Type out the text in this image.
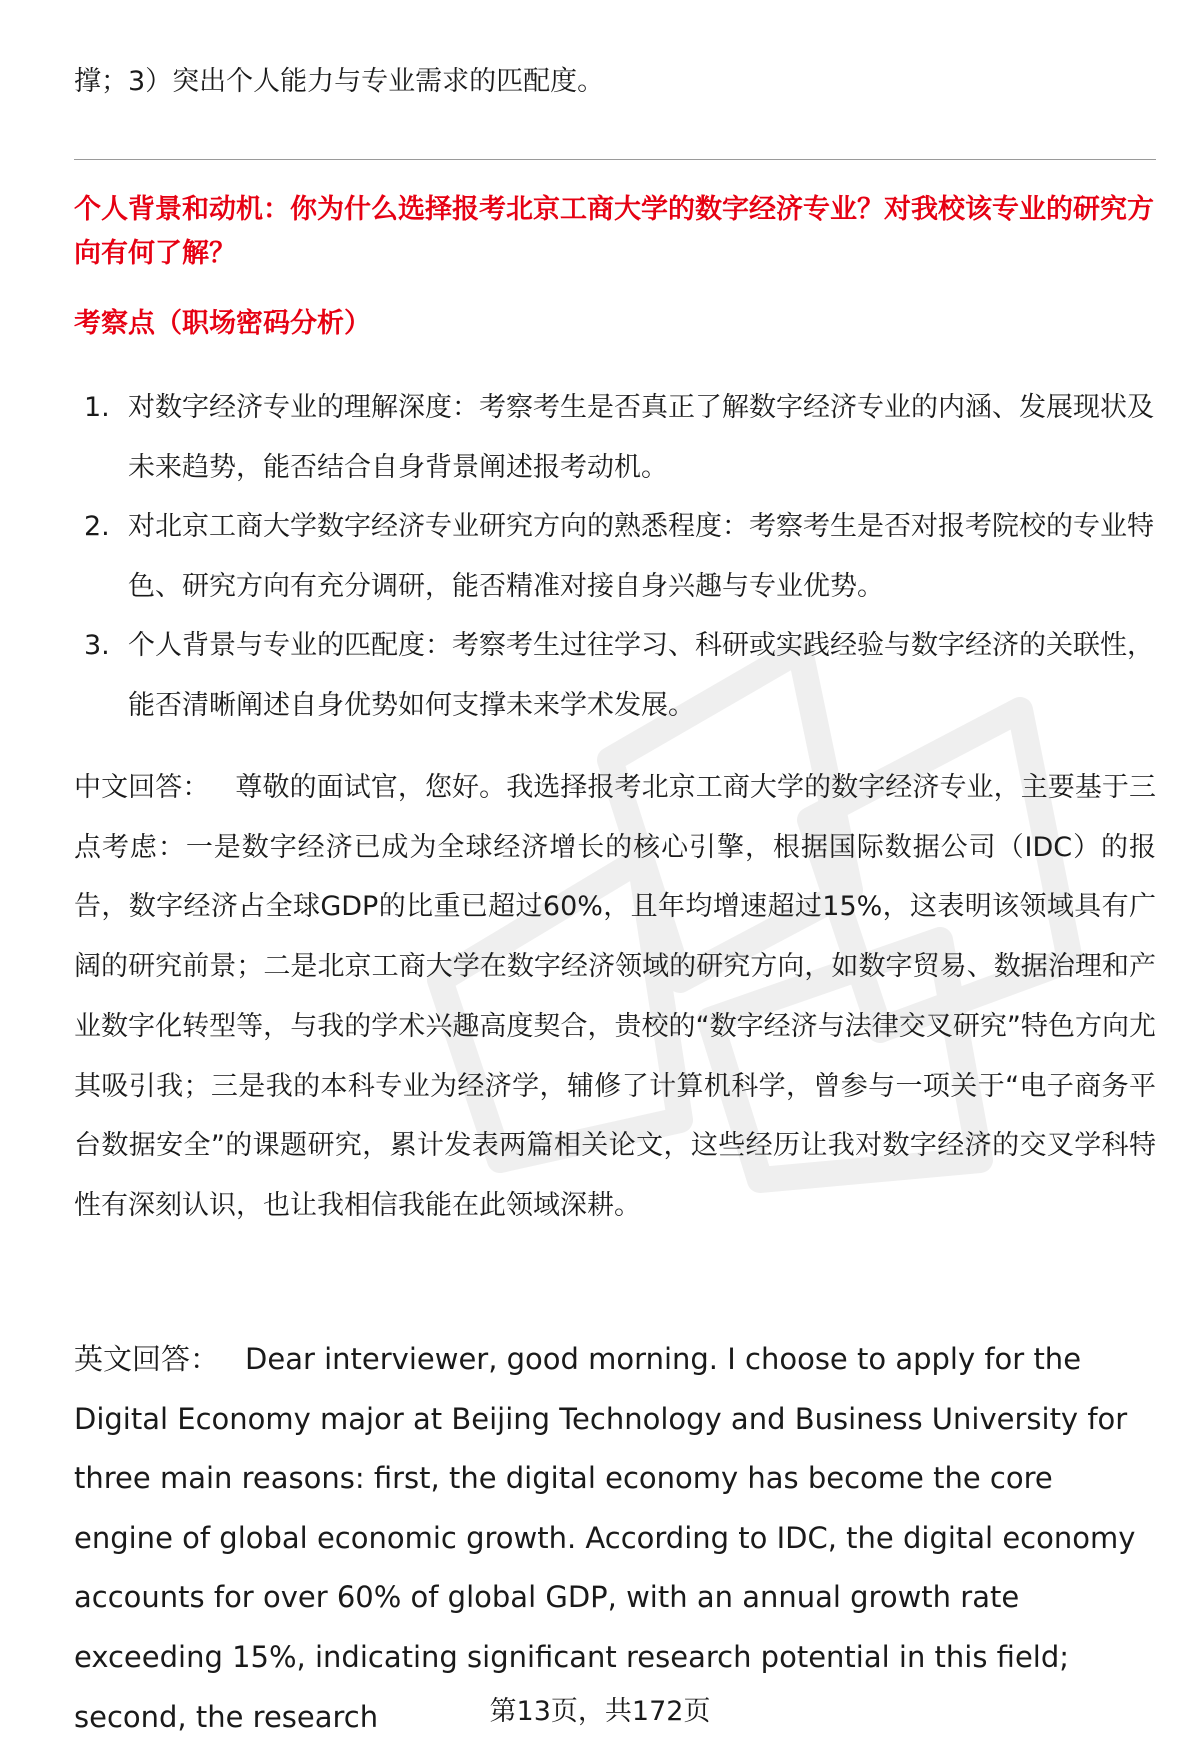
撑；3）突出个人能力与专业需求的匹配度。
个人背景和动机：你为什么选择报考北京工商大学的数字经济专业？对我校该专业的研究方向有何了解？
考察点（职场密码分析）
1. 对数字经济专业的理解深度：考察考生是否真正了解数字经济专业的内涵、发展现状及未来趋势，能否结合自身背景阐述报考动机。
2. 对北京工商大学数字经济专业研究方向的熟悉程度：考察考生是否对报考院校的专业特色、研究方向有充分调研，能否精准对接自身兴趣与专业优势。
3. 个人背景与专业的匹配度：考察考生过往学习、科研或实践经验与数字经济的关联性，能否清晰阐述自身优势如何支撑未来学术发展。
中文回答： 尊敬的面试官，您好。我选择报考北京工商大学的数字经济专业，主要基于三点考虑：一是数字经济已成为全球经济增长的核心引擎，根据国际数据公司（IDC）的报告，数字经济占全球GDP的比重已超过60%，且年均增速超过15%，这表明该领域具有广阔的研究前景；二是北京工商大学在数字经济领域的研究方向，如数字贸易、数据治理和产业数字化转型等，与我的学术兴趣高度契合，贵校的“数字经济与法律交叉研究”特色方向尤其吸引我；三是我的本科专业为经济学，辅修了计算机科学，曾参与一项关于“电子商务平台数据安全”的课题研究，累计发表两篇相关论文，这些经历让我对数字经济的交叉学科特性有深刻认识，也让我相信我能在此领域深耕。
英文回答： Dear interviewer, good morning. I choose to apply for the Digital Economy major at Beijing Technology and Business University for three main reasons: first, the digital economy has become the core engine of global economic growth. According to IDC, the digital economy accounts for over 60% of global GDP, with an annual growth rate exceeding 15%, indicating significant research potential in this field; second, the research	第13页，共172页
